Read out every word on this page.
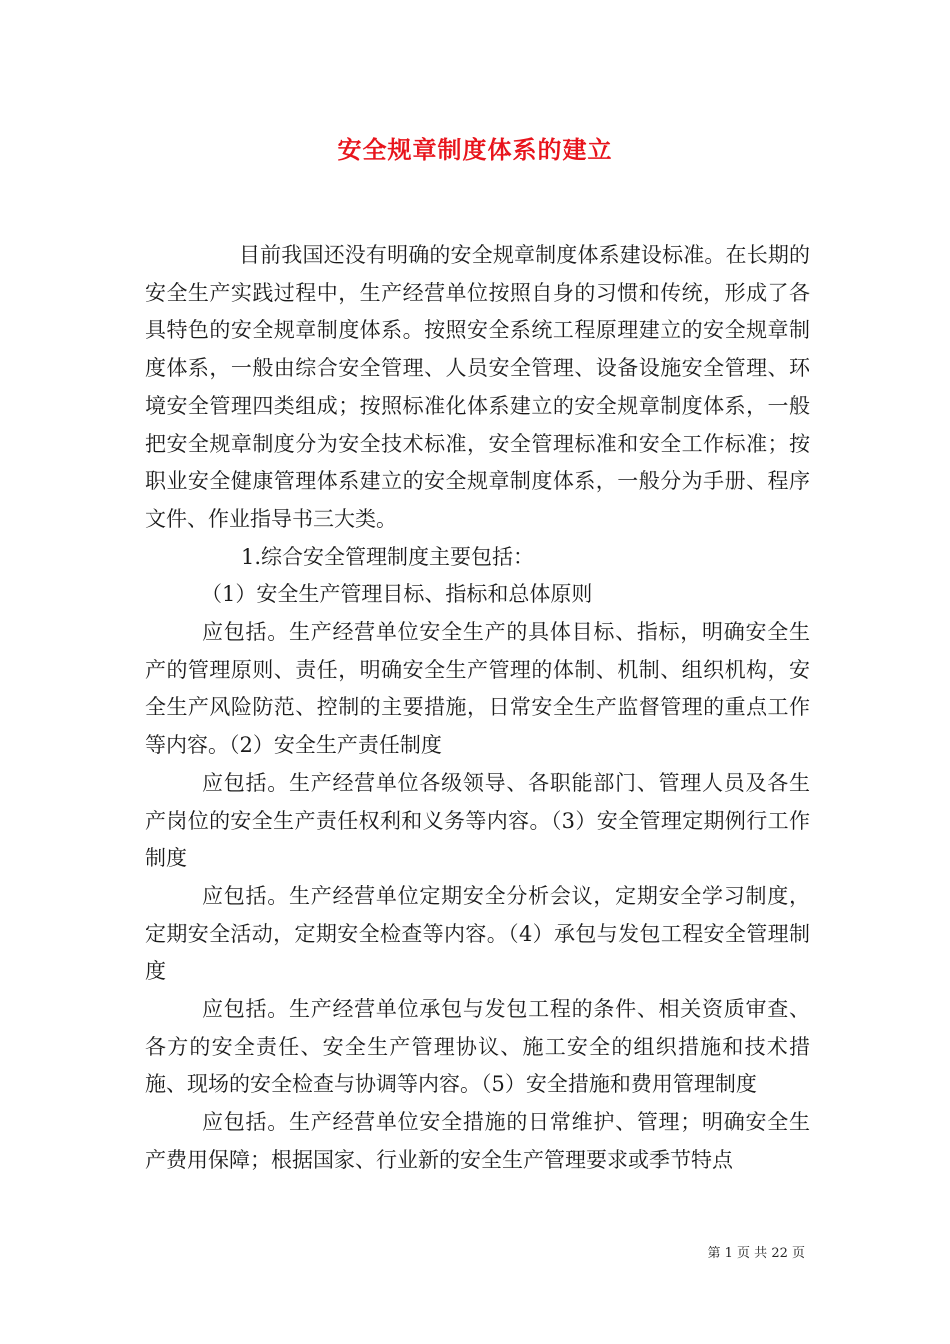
安全规章制度体系的建立

目前我国还没有明确的安全规章制度体系建设标准。在长期的安全生产实践过程中，生产经营单位按照自身的习惯和传统，形成了各具特色的安全规章制度体系。按照安全系统工程原理建立的安全规章制度体系，一般由综合安全管理、人员安全管理、设备设施安全管理、环境安全管理四类组成；按照标准化体系建立的安全规章制度体系，一般把安全规章制度分为安全技术标准，安全管理标准和安全工作标准；按职业安全健康管理体系建立的安全规章制度体系，一般分为手册、程序文件、作业指导书三大类。

1.综合安全管理制度主要包括：

（1）安全生产管理目标、指标和总体原则

应包括。生产经营单位安全生产的具体目标、指标，明确安全生产的管理原则、责任，明确安全生产管理的体制、机制、组织机构，安全生产风险防范、控制的主要措施，日常安全生产监督管理的重点工作等内容。（2）安全生产责任制度

应包括。生产经营单位各级领导、各职能部门、管理人员及各生产岗位的安全生产责任权利和义务等内容。（3）安全管理定期例行工作制度

应包括。生产经营单位定期安全分析会议，定期安全学习制度，定期安全活动，定期安全检查等内容。（4）承包与发包工程安全管理制度

应包括。生产经营单位承包与发包工程的条件、相关资质审查、各方的安全责任、安全生产管理协议、施工安全的组织措施和技术措施、现场的安全检查与协调等内容。（5）安全措施和费用管理制度

应包括。生产经营单位安全措施的日常维护、管理；明确安全生产费用保障；根据国家、行业新的安全生产管理要求或季节特点

第 1 页 共 22 页
